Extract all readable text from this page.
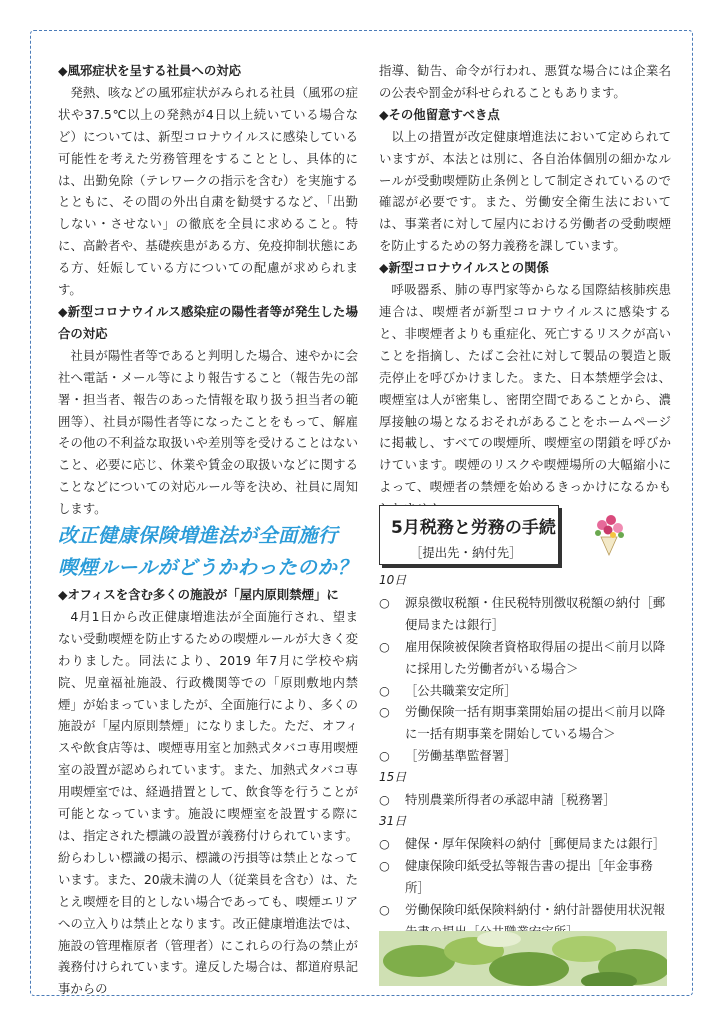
◆風邪症状を呈する社員への対応

発熱、咳などの風邪症状がみられる社員（風邪の症状や37.5℃以上の発熱が4日以上続いている場合など）については、新型コロナウイルスに感染している可能性を考えた労務管理をすることとし、具体的には、出勤免除（テレワークの指示を含む）を実施するとともに、その間の外出自粛を勧奨するなど、「出勤しない・させない」の徹底を全員に求めること。特に、高齢者や、基礎疾患がある方、免疫抑制状態にある方、妊娠している方についての配慮が求められます。

◆新型コロナウイルス感染症の陽性者等が発生した場合の対応

社員が陽性者等であると判明した場合、速やかに会社へ電話・メール等により報告すること（報告先の部署・担当者、報告のあった情報を取り扱う担当者の範囲等）、社員が陽性者等になったことをもって、解雇その他の不利益な取扱いや差別等を受けることはないこと、必要に応じ、休業や賃金の取扱いなどに関することなどについての対応ルール等を決め、社員に周知します。

改正健康保険増進法が全面施行
喫煙ルールがどうかわったのか？

◆オフィスを含む多くの施設が「屋内原則禁煙」に

4月1日から改正健康増進法が全面施行され、望まない受動喫煙を防止するための喫煙ルールが大きく変わりました。同法により、2019 年7月に学校や病院、児童福祉施設、行政機関等での「原則敷地内禁煙」が始まっていましたが、全面施行により、多くの施設が「屋内原則禁煙」になりました。ただ、オフィスや飲食店等は、喫煙専用室と加熱式タバコ専用喫煙室の設置が認められています。また、加熱式タバコ専用喫煙室では、経過措置として、飲食等を行うことが可能となっています。施設に喫煙室を設置する際には、指定された標識の設置が義務付けられています。紛らわしい標識の掲示、標識の汚損等は禁止となっています。また、20歳未満の人（従業員を含む）は、たとえ喫煙を目的としない場合であっても、喫煙エリアへの立入りは禁止となります。改正健康増進法では、施設の管理権原者（管理者）にこれらの行為の禁止が義務付けられています。違反した場合は、都道府県記事からの

指導、勧告、命令が行われ、悪質な場合には企業名の公表や罰金が科せられることもあります。

◆その他留意すべき点

以上の措置が改定健康増進法において定められていますが、本法とは別に、各自治体個別の細かなルールが受動喫煙防止条例として制定されているので確認が必要です。また、労働安全衛生法においては、事業者に対して屋内における労働者の受動喫煙を防止するための努力義務を課しています。

◆新型コロナウイルスとの関係

呼吸器系、肺の専門家等からなる国際結核肺疾患連合は、喫煙者が新型コロナウイルスに感染すると、非喫煙者よりも重症化、死亡するリスクが高いことを指摘し、たばこ会社に対して製品の製造と販売停止を呼びかけました。また、日本禁煙学会は、喫煙室は人が密集し、密閉空間であることから、濃厚接触の場となるおそれがあることをホームページに掲載し、すべての喫煙所、喫煙室の閉鎖を呼びかけています。喫煙のリスクや喫煙場所の大幅縮小によって、喫煙者の禁煙を始めるきっかけになるかも

5月税務と労務の手続
［提出先・納付先］
10日
○ 源泉徴収税額・住民税特別徴収税額の納付［郵便局または銀行］
○ 雇用保険被保険者資格取得届の提出＜前月以降に採用した労働者がいる場合＞
○ ［公共職業安定所］
○ 労働保険一括有期事業開始届の提出＜前月以降に一括有期事業を開始している場合＞
○ ［労働基準監督署］
15日
○ 特別農業所得者の承認申請［税務署］
31日
○ 健保・厚年保険料の納付［郵便局または銀行］
○ 健康保険印紙受払等報告書の提出［年金事務所］
○ 労働保険印紙保険料納付・納付計器使用状況報
